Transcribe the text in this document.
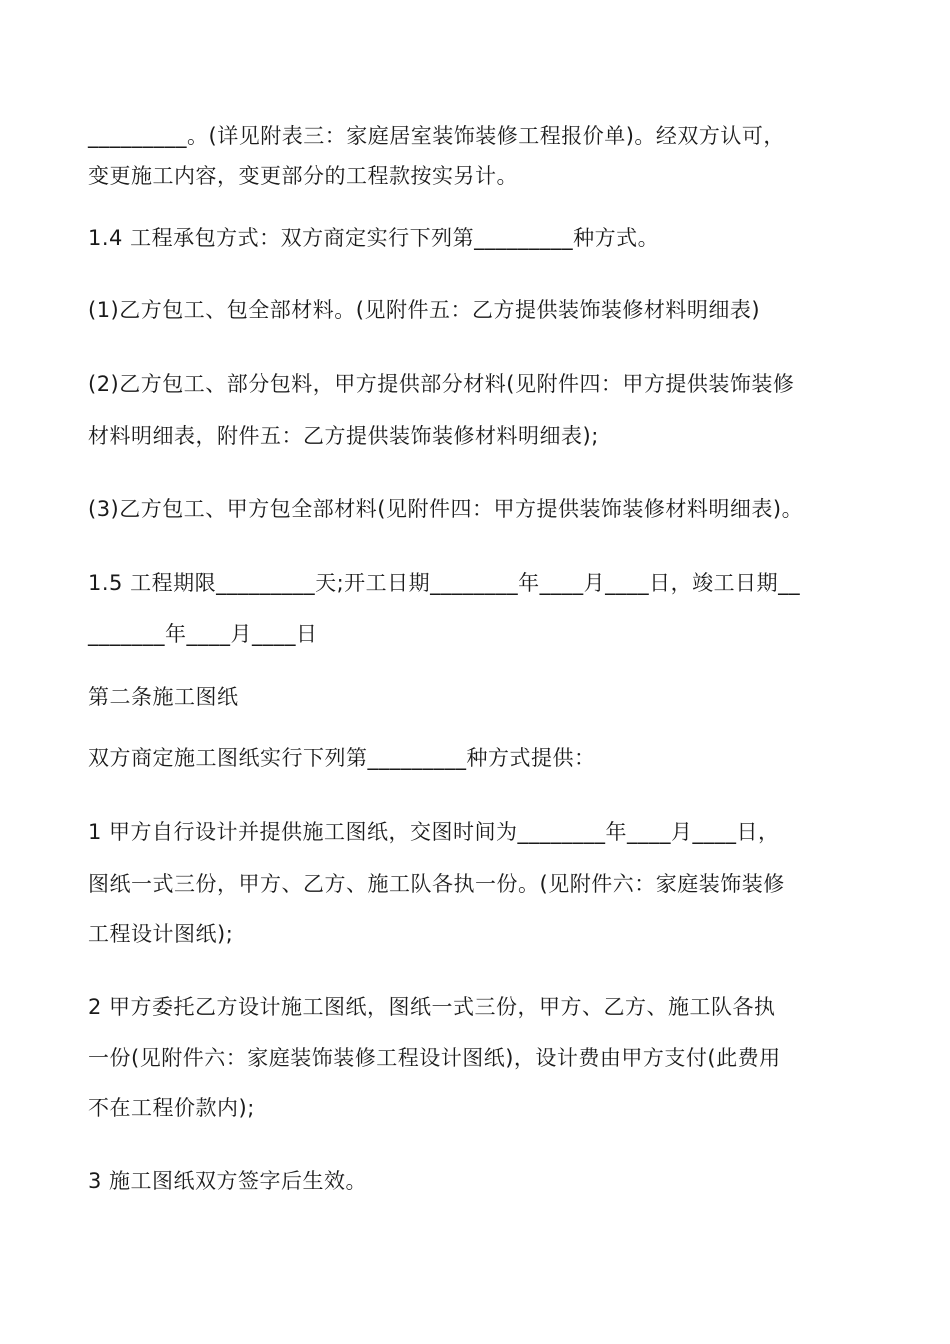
_________。(详见附表三：家庭居室装饰装修工程报价单)。经双方认可，
变更施工内容，变更部分的工程款按实另计。
1.4 工程承包方式：双方商定实行下列第_________种方式。
(1)乙方包工、包全部材料。(见附件五：乙方提供装饰装修材料明细表)
(2)乙方包工、部分包料，甲方提供部分材料(见附件四：甲方提供装饰装修
材料明细表，附件五：乙方提供装饰装修材料明细表);
(3)乙方包工、甲方包全部材料(见附件四：甲方提供装饰装修材料明细表)。
1.5 工程期限_________天;开工日期________年____月____日，竣工日期__
_______年____月____日
第二条施工图纸
双方商定施工图纸实行下列第_________种方式提供：
1 甲方自行设计并提供施工图纸，交图时间为________年____月____日，
图纸一式三份，甲方、乙方、施工队各执一份。(见附件六：家庭装饰装修
工程设计图纸);
2 甲方委托乙方设计施工图纸，图纸一式三份，甲方、乙方、施工队各执
一份(见附件六：家庭装饰装修工程设计图纸)，设计费由甲方支付(此费用
不在工程价款内);
3 施工图纸双方签字后生效。
